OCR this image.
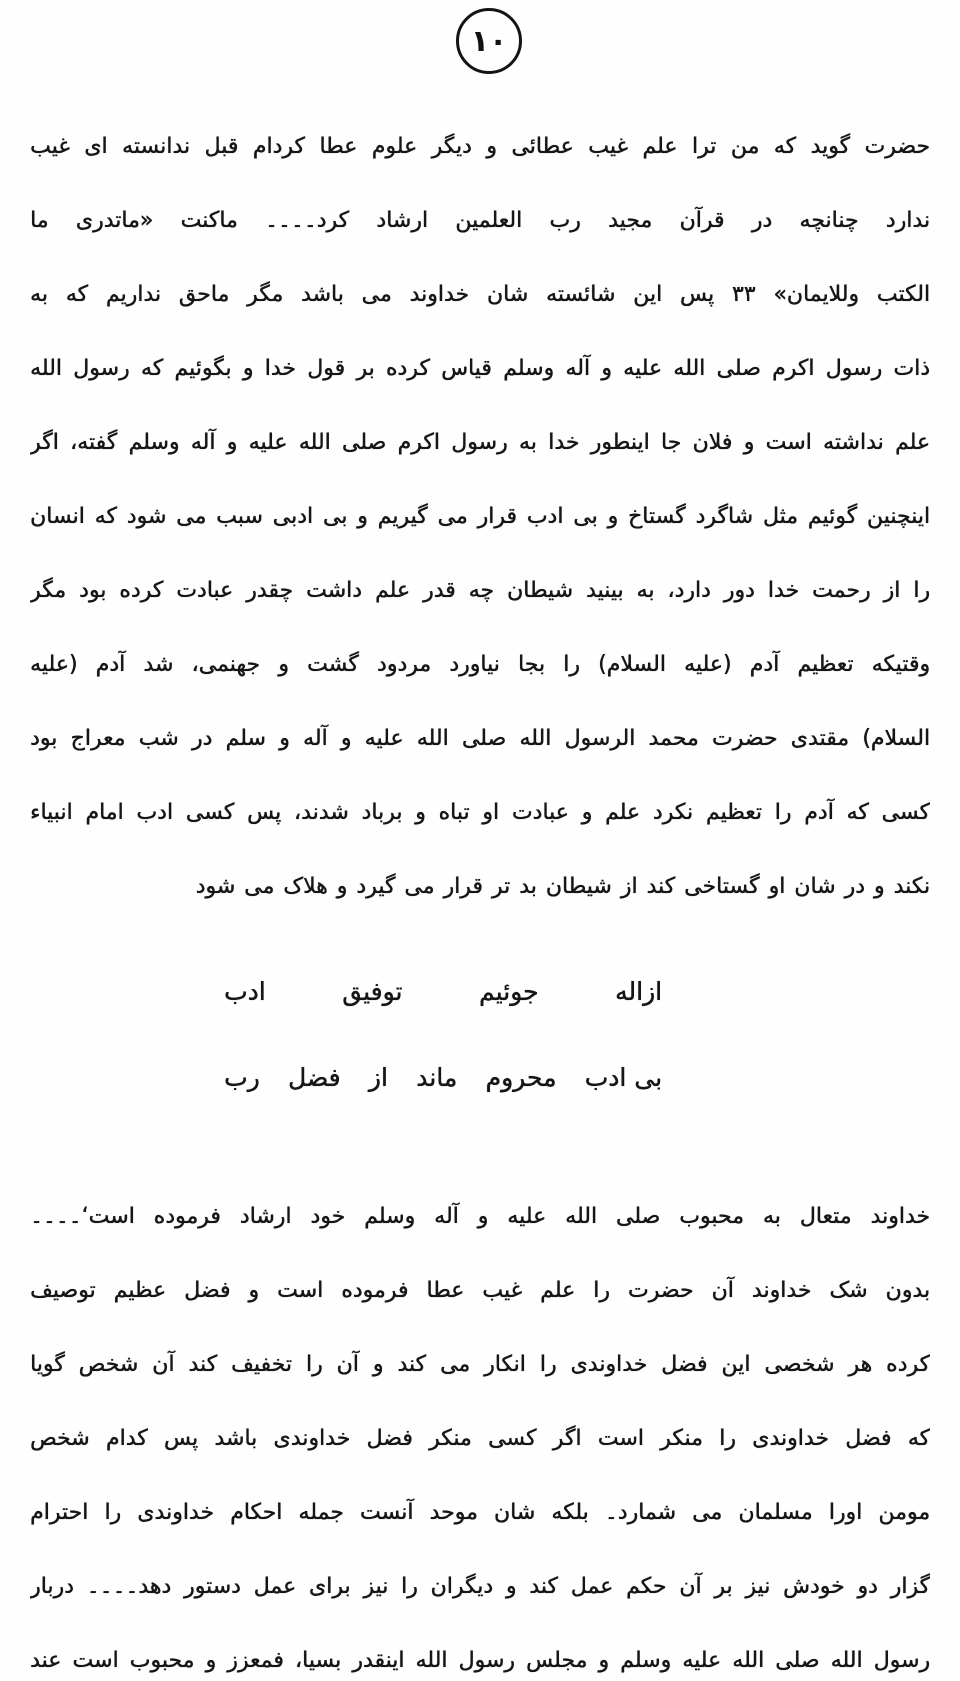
۱۰
حضرت گوید که من ترا علم غیب عطائی و دیگر علوم عطا کردام قبل ندانسته ای غیب
ندارد چنانچه در قرآن مجید رب العلمین ارشاد کرد۔۔۔۔ ماکنت «ماتدری ما
الکتب وللایمان» ۳۳ پس این شائسته شان خداوند می باشد مگر ماحق نداریم که به
ذات رسول اکرم صلی الله علیه و آله وسلم قیاس کرده بر قول خدا و بگوئیم که رسول الله
علم نداشته است و فلان جا اینطور خدا به رسول اکرم صلی الله علیه و آله وسلم گفته، اگر
اینچنین گوئیم مثل شاگرد گستاخ و بی ادب قرار می گیریم و بی ادبی سبب می شود که انسان
را از رحمت خدا دور دارد، به بینید شیطان چه قدر علم داشت چقدر عبادت کرده بود مگر
وقتیکه تعظیم آدم (علیه السلام) را بجا نیاورد مردود گشت و جهنمی، شد آدم (علیه
السلام) مقتدی حضرت محمد الرسول الله صلی الله علیه و آله و سلم در شب معراج بود
کسی که آدم را تعظیم نکرد علم و عبادت او تباه و برباد شدند، پس کسی ادب امام انبیاء
نکند و در شان او گستاخی کند از شیطان بد تر قرار می گیرد و هلاک می شود
ازاله
جوئیم
توفیق
ادب
بی ادب
محروم
ماند
از
فضل
رب
خداوند متعال به محبوب صلی الله علیه و آله وسلم خود ارشاد فرموده است‘۔۔۔۔
بدون شک خداوند آن حضرت را علم غیب عطا فرموده است و فضل عظیم توصیف
کرده هر شخصی این فضل خداوندی را انکار می کند و آن را تخفیف کند آن شخص گویا
که فضل خداوندی را منکر است اگر کسی منکر فضل خداوندی باشد پس کدام شخص
مومن اورا مسلمان می شمارد۔ بلکه شان موحد آنست جمله احکام خداوندی را احترام
گزار دو خودش نیز بر آن حکم عمل کند و دیگران را نیز برای عمل دستور دهد۔۔۔۔ دربار
رسول الله صلی الله علیه وسلم و مجلس رسول الله اینقدر بسیا، فمعزز و محبوب است عند
